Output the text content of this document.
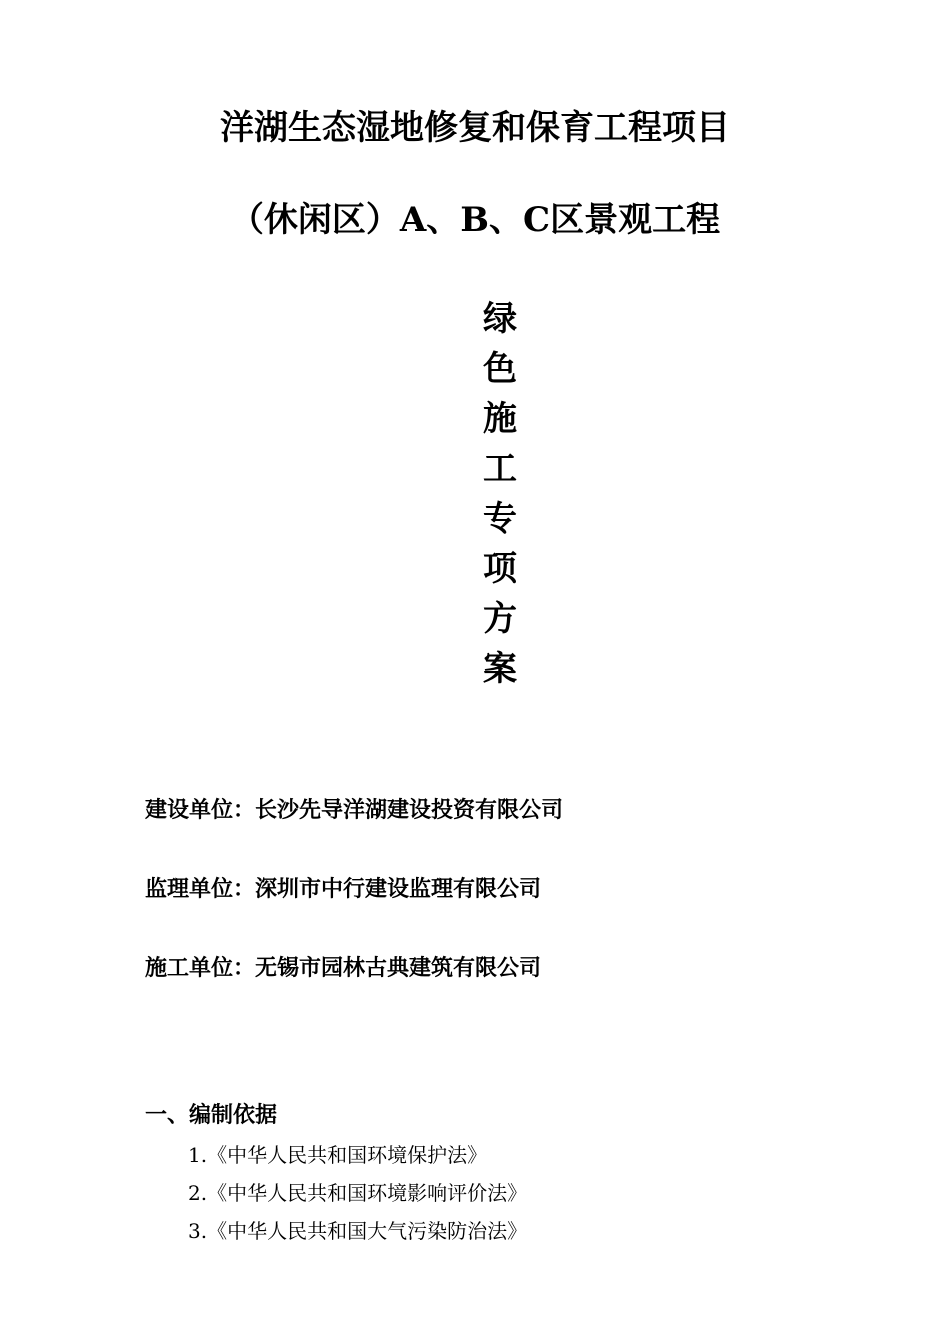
洋湖生态湿地修复和保育工程项目
（休闲区）A、B、C区景观工程
绿
色
施
工
专
项
方
案
建设单位：长沙先导洋湖建设投资有限公司
监理单位：深圳市中行建设监理有限公司
施工单位：无锡市园林古典建筑有限公司
一、编制依据
1.《中华人民共和国环境保护法》
2.《中华人民共和国环境影响评价法》
3.《中华人民共和国大气污染防治法》
